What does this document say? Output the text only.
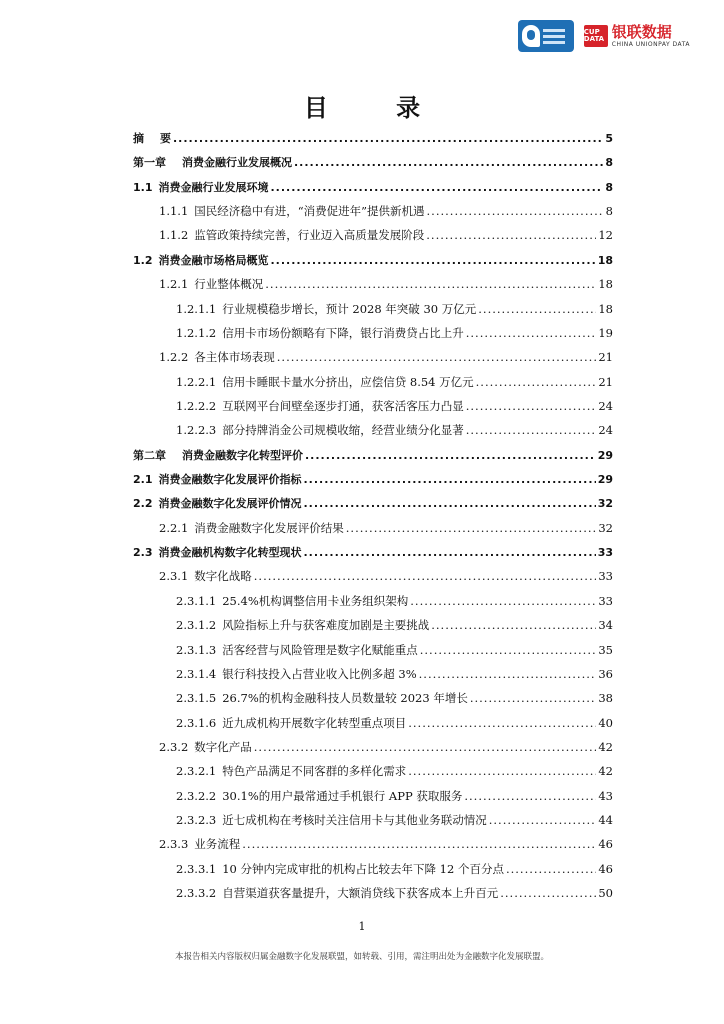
CUP DATA 银联数据
CHINA UNIONPAY DATA
目 录
摘 要 .....	5
第一章 消费金融行业发展概况 .....	8
1.1 消费金融行业发展环境 .....	8
1.1.1 国民经济稳中有进，“消费促进年”提供新机遇 .....	8
1.1.2 监管政策持续完善，行业迈入高质量发展阶段 .....	12
1.2 消费金融市场格局概览 .....	18
1.2.1 行业整体概况 .....	18
1.2.1.1 行业规模稳步增长，预计 2028 年突破 30 万亿元 .....	18
1.2.1.2 信用卡市场份额略有下降，银行消费贷占比上升 .....	19
1.2.2 各主体市场表现 .....	21
1.2.2.1 信用卡睡眠卡量水分挤出，应偿信贷 8.54 万亿元 .....	21
1.2.2.2 互联网平台间壁垒逐步打通，获客活客压力凸显 .....	24
1.2.2.3 部分持牌消金公司规模收缩，经营业绩分化显著 .....	24
第二章 消费金融数字化转型评价 .....	29
2.1 消费金融数字化发展评价指标 .....	29
2.2 消费金融数字化发展评价情况 .....	32
2.2.1 消费金融数字化发展评价结果 .....	32
2.3 消费金融机构数字化转型现状 .....	33
2.3.1 数字化战略 .....	33
2.3.1.1 25.4%机构调整信用卡业务组织架构 .....	33
2.3.1.2 风险指标上升与获客难度加剧是主要挑战 .....	34
2.3.1.3 活客经营与风险管理是数字化赋能重点 .....	35
2.3.1.4 银行科技投入占营业收入比例多超 3% .....	36
2.3.1.5 26.7%的机构金融科技人员数量较 2023 年增长 .....	38
2.3.1.6 近九成机构开展数字化转型重点项目 .....	40
2.3.2 数字化产品 .....	42
2.3.2.1 特色产品满足不同客群的多样化需求 .....	42
2.3.2.2 30.1%的用户最常通过手机银行 APP 获取服务 .....	43
2.3.2.3 近七成机构在考核时关注信用卡与其他业务联动情况 .....	44
2.3.3 业务流程 .....	46
2.3.3.1 10 分钟内完成审批的机构占比较去年下降 12 个百分点 .....	46
2.3.3.2 自营渠道获客量提升，大额消贷线下获客成本上升百元 .....	50
1
本报告相关内容版权归属金融数字化发展联盟，如转载、引用，需注明出处为金融数字化发展联盟。
